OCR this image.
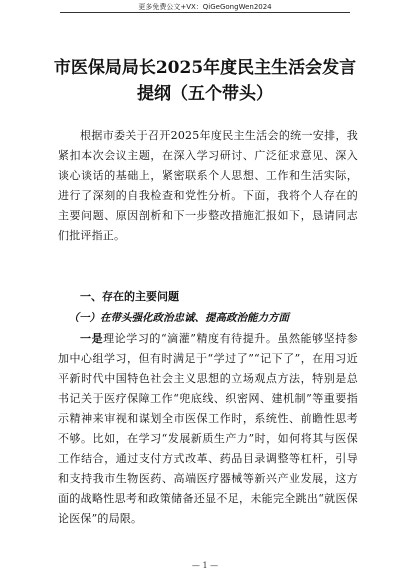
更多免费公文+VX：QiGeGongWen2024
市医保局局长2025年度民主生活会发言
提纲（五个带头）
根据市委关于召开2025年度民主生活会的统一安排，我紧扣本次会议主题，在深入学习研讨、广泛征求意见、深入谈心谈话的基础上，紧密联系个人思想、工作和生活实际，进行了深刻的自我检查和党性分析。下面，我将个人存在的主要问题、原因剖析和下一步整改措施汇报如下，恳请同志们批评指正。
一、存在的主要问题
（一）在带头强化政治忠诚、提高政治能力方面
一是理论学习的“滴灌”精度有待提升。虽然能够坚持参加中心组学习，但有时满足于“学过了”“记下了”，在用习近平新时代中国特色社会主义思想的立场观点方法，特别是总书记关于医疗保障工作“兜底线、织密网、建机制”等重要指示精神来审视和谋划全市医保工作时，系统性、前瞻性思考不够。比如，在学习“发展新质生产力”时，如何将其与医保工作结合，通过支付方式改革、药品目录调整等杠杆，引导和支持我市生物医药、高端医疗器械等新兴产业发展，这方面的战略性思考和政策储备还显不足，未能完全跳出“就医保论医保”的局限。
— 1 —
